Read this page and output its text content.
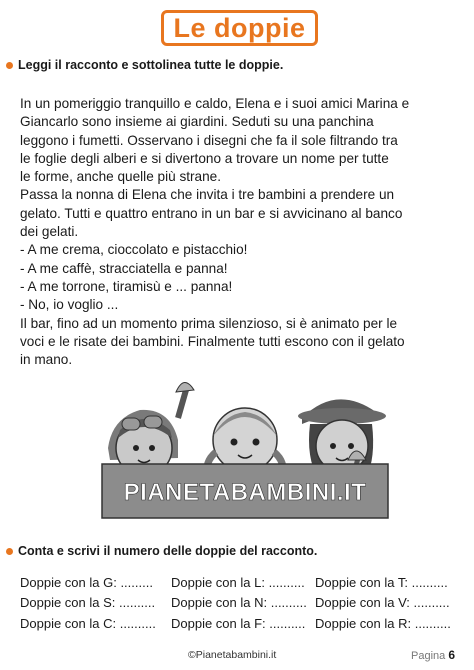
Le doppie
Leggi il racconto e sottolinea tutte le doppie.
In un pomeriggio tranquillo e caldo, Elena e i suoi amici Marina e
Giancarlo sono insieme ai giardini. Seduti su una panchina
leggono i fumetti. Osservano i disegni che fa il sole filtrando tra
le foglie degli alberi e si divertono a trovare un nome per tutte
le forme, anche quelle più strane.
Passa la nonna di Elena che invita i tre bambini a prendere un
gelato. Tutti e quattro entrano in un bar e si avvicinano al banco
dei gelati.
- A me crema, cioccolato e pistacchio!
- A me caffè, stracciatella e panna!
- A me torrone, tiramisù e ... panna!
- No, io voglio ...
Il bar, fino ad un momento prima silenzioso, si è animato per le
voci e le risate dei bambini. Finalmente tutti escono con il gelato
in mano.
PIANETABAMBINI.IT
Conta e scrivi il numero delle doppie del racconto.
Doppie con la G: .........	Doppie con la L: .......... Doppie con la T: ..........
Doppie con la S: ..........	Doppie con la N: .......... Doppie con la V: ..........
Doppie con la C: ..........	Doppie con la F: .......... Doppie con la R: ..........
©Pianetabambini.it	Pagina 6
